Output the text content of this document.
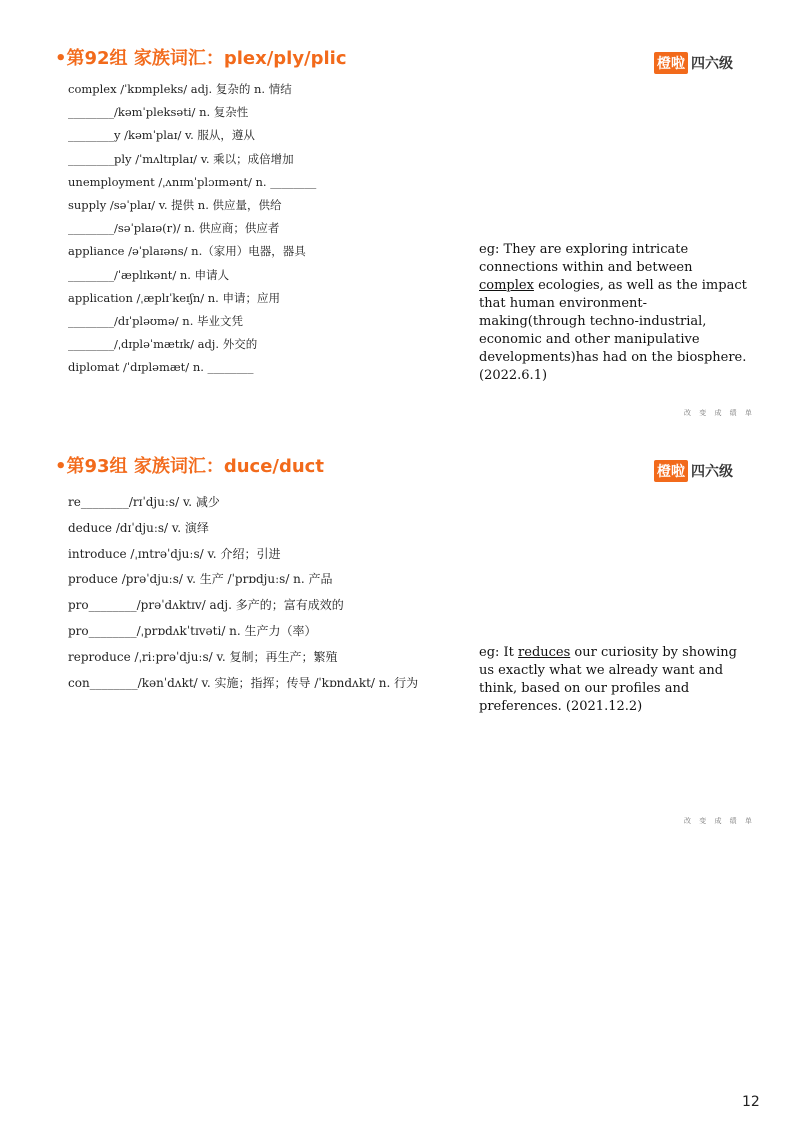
•第92组 家族词汇：plex/ply/plic	橙啦 四六级
complex /ˈkɒmpleks/ adj. 复杂的 n. 情结
________/kəmˈpleksəti/ n. 复杂性
________y /kəmˈplaɪ/ v. 服从，遵从
________ply /ˈmʌltɪplaɪ/ v. 乘以；成倍增加
unemployment /ˌʌnɪmˈplɔɪmənt/ n. ________
supply /səˈplaɪ/ v. 提供 n. 供应量，供给
________/səˈplaɪə(r)/ n. 供应商；供应者
appliance /əˈplaɪəns/ n.（家用）电器，器具
________/ˈæplɪkənt/ n. 申请人
application /ˌæplɪˈkeɪʃn/ n. 申请；应用
________/dɪˈpləʊmə/ n. 毕业文凭
________/ˌdɪpləˈmætɪk/ adj. 外交的
diplomat /ˈdɪpləmæt/ n. ________
eg: They are exploring intricate connections within and between complex ecologies, as well as the impact that human environment-making(through techno-industrial, economic and other manipulative developments)has had on the biosphere. (2022.6.1)
改 变 成 绩 单
•第93组 家族词汇：duce/duct	橙啦 四六级
re________/rɪˈdjuːs/ v. 减少
deduce /dɪˈdjuːs/ v. 演绎
introduce /ˌɪntrəˈdjuːs/ v. 介绍；引进
produce /prəˈdjuːs/ v. 生产 /ˈprɒdjuːs/ n. 产品
pro________/prəˈdʌktɪv/ adj. 多产的；富有成效的
pro________/ˌprɒdʌkˈtɪvəti/ n. 生产力（率）
reproduce /ˌriːprəˈdjuːs/ v. 复制；再生产；繁殖
con________/kənˈdʌkt/ v. 实施；指挥；传导 /ˈkɒndʌkt/ n. 行为
eg: It reduces our curiosity by showing us exactly what we already want and think, based on our profiles and preferences. (2021.12.2)
改 变 成 绩 单
12
